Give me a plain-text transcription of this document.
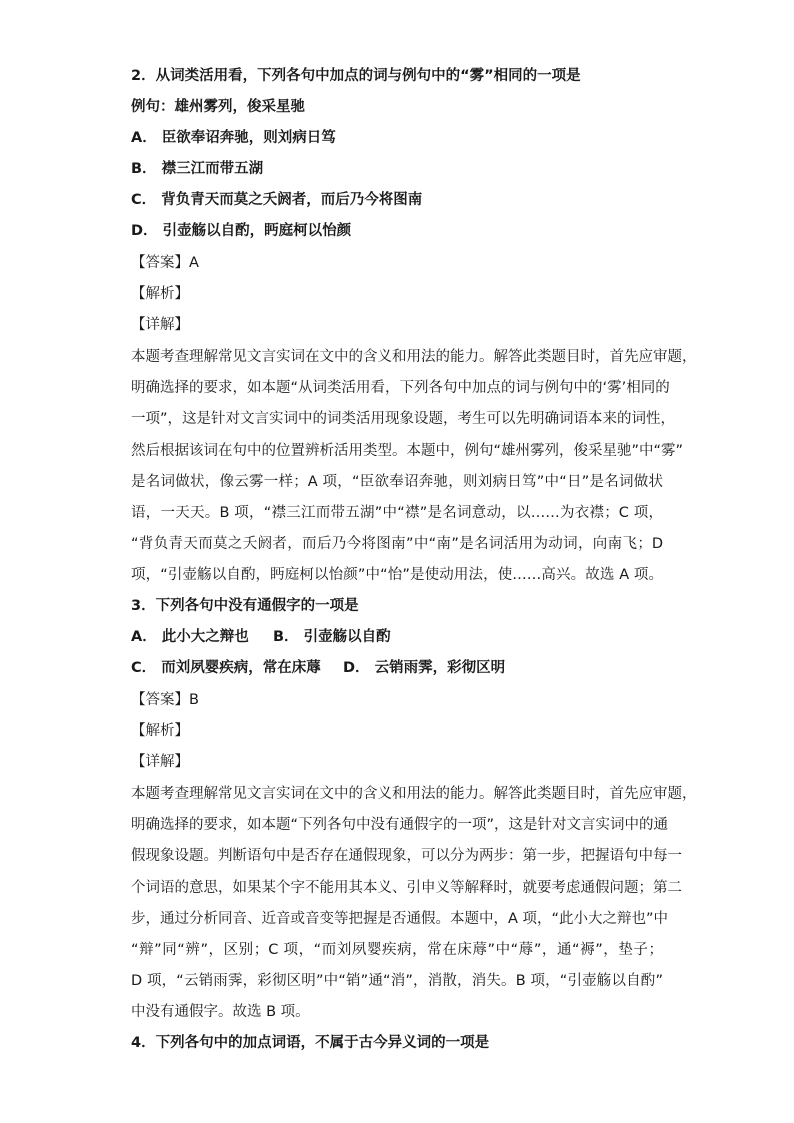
2．从词类活用看，下列各句中加点的词与例句中的“雾”相同的一项是
例句：雄州雾列，俊采星驰
A． 臣欲奉诏奔驰，则刘病日笃
B． 襟三江而带五湖
C． 背负青天而莫之夭阏者，而后乃今将图南
D． 引壶觞以自酌，眄庭柯以怡颜
【答案】A
【解析】
【详解】
本题考查理解常见文言实词在文中的含义和用法的能力。解答此类题目时，首先应审题，
明确选择的要求，如本题“从词类活用看，下列各句中加点的词与例句中的‘雾’相同的
一项”，这是针对文言实词中的词类活用现象设题，考生可以先明确词语本来的词性，
然后根据该词在句中的位置辨析活用类型。本题中，例句“雄州雾列，俊采星驰”中“雾”
是名词做状，像云雾一样；A 项，“臣欲奉诏奔驰，则刘病日笃”中“日”是名词做状
语，一天天。B 项，“襟三江而带五湖”中“襟”是名词意动，以……为衣襟；C 项，
“背负青天而莫之夭阏者，而后乃今将图南”中“南”是名词活用为动词，向南飞；D
项，“引壶觞以自酌，眄庭柯以怡颜”中“怡”是使动用法，使……高兴。故选 A 项。
3．下列各句中没有通假字的一项是
A． 此小大之辩也 B． 引壶觞以自酌
C． 而刘夙婴疾病，常在床蓐 D． 云销雨霁，彩彻区明
【答案】B
【解析】
【详解】
本题考查理解常见文言实词在文中的含义和用法的能力。解答此类题目时，首先应审题，
明确选择的要求，如本题“下列各句中没有通假字的一项”，这是针对文言实词中的通
假现象设题。判断语句中是否存在通假现象，可以分为两步：第一步，把握语句中每一
个词语的意思，如果某个字不能用其本义、引申义等解释时，就要考虑通假问题；第二
步，通过分析同音、近音或音变等把握是否通假。本题中，A 项，“此小大之辩也”中
“辩”同“辨”，区别；C 项，“而刘夙婴疾病，常在床蓐”中“蓐”，通“褥”，垫子；
D 项，“云销雨霁，彩彻区明”中“销”通“消”，消散，消失。B 项，“引壶觞以自酌”
中没有通假字。故选 B 项。
4．下列各句中的加点词语，不属于古今异义词的一项是
